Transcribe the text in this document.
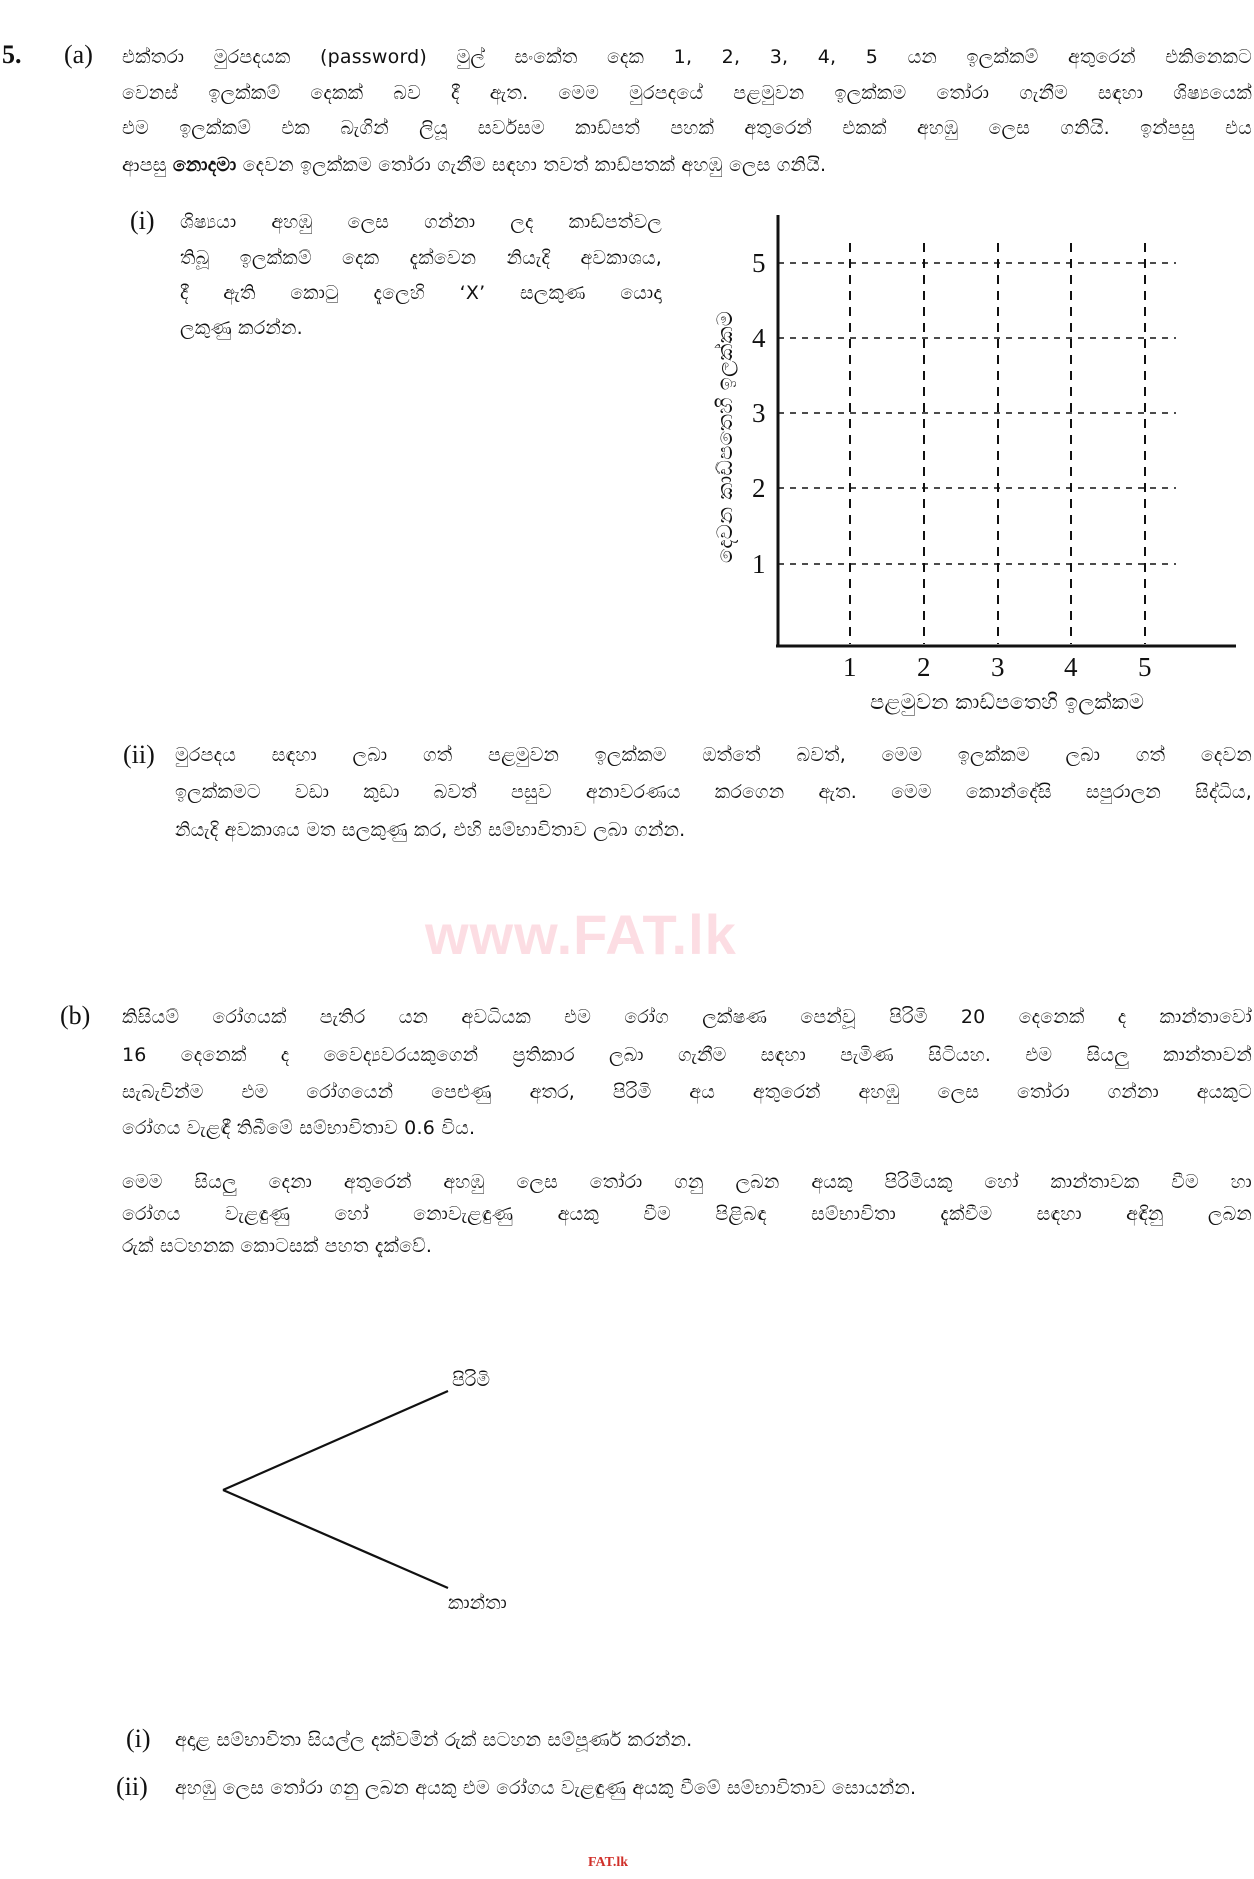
5. (a) එක්තරා මුරපදයක (password) මුල් සංකේත දෙක 1, 2, 3, 4, 5 යන ඉලක්කම් අතුරෙන් එකිනෙකට
වෙනස් ඉලක්කම් දෙකක් බව දී ඇත. මෙම මුරපදයේ පළමුවන ඉලක්කම තෝරා ගැනීම සඳහා ශිෂ්‍යයෙක්
එම ඉලක්කම් එක බැගින් ලියූ සර්වසම කාඩ්පත් පහක් අතුරෙන් එකක් අහඹු ලෙස ගනියි. ඉන්පසු එය
ආපසු නොදමා දෙවන ඉලක්කම තෝරා ගැනීම සඳහා තවත් කාඩ්පතක් අහඹු ලෙස ගනියි.
(i) ශිෂ්‍යයා අහඹු ලෙස ගන්නා ලද කාඩ්පත්වල
තිබූ ඉලක්කම් දෙක දැක්වෙන නියැදි අවකාශය,
දී ඇති කොටු දැලෙහි ‘X’ සලකුණ යොදා
ලකුණු කරන්න.
5
4
3
2
1
1 2 3 4 5
පළමුවන කාඩ්පතෙහි ඉලක්කම
දෙවන කාඩ්පතෙහි ඉලක්කම
(ii) මුරපදය සඳහා ලබා ගත් පළමුවන ඉලක්කම ඔත්තේ බවත්, මෙම ඉලක්කම ලබා ගත් දෙවන
ඉලක්කමට වඩා කුඩා බවත් පසුව අනාවරණය කරගෙන ඇත. මෙම කොන්දේසි සපුරාලන සිද්ධිය,
නියැදි අවකාශය මත සලකුණු කර, එහි සම්භාවිතාව ලබා ගන්න.
www.FAT.lk
(b) කිසියම් රෝගයක් පැතිර යන අවධියක එම රෝග ලක්ෂණ පෙන්වූ පිරිමි 20 දෙනෙක් ද කාන්තාවෝ
16 දෙනෙක් ද වෛද්‍යවරයකුගෙන් ප්‍රතිකාර ලබා ගැනීම සඳහා පැමිණ සිටියහ. එම සියලු කාන්තාවන්
සැබැවින්ම එම රෝගයෙන් පෙළුණු අතර, පිරිමි අය අතුරෙන් අහඹු ලෙස තෝරා ගන්නා අයකුට
රෝගය වැළඳී තිබීමේ සම්භාවිතාව 0.6 විය.
මෙම සියලු දෙනා අතුරෙන් අහඹු ලෙස තෝරා ගනු ලබන අයකු පිරිමියකු හෝ කාන්තාවක වීම හා
රෝගය වැළඳුණු හෝ නොවැළඳුණු අයකු වීම පිළිබඳ සම්භාවිතා දැක්වීම සඳහා අඳිනු ලබන
රුක් සටහනක කොටසක් පහත දැක්වේ.
පිරිමි
කාන්තා
(i) අදාළ සම්භාවිතා සියල්ල දක්වමින් රුක් සටහන සම්පූර්ණ කරන්න.
(ii) අහඹු ලෙස තෝරා ගනු ලබන අයකු එම රෝගය වැළඳුණු අයකු වීමේ සම්භාවිතාව සොයන්න.
FAT.lk
